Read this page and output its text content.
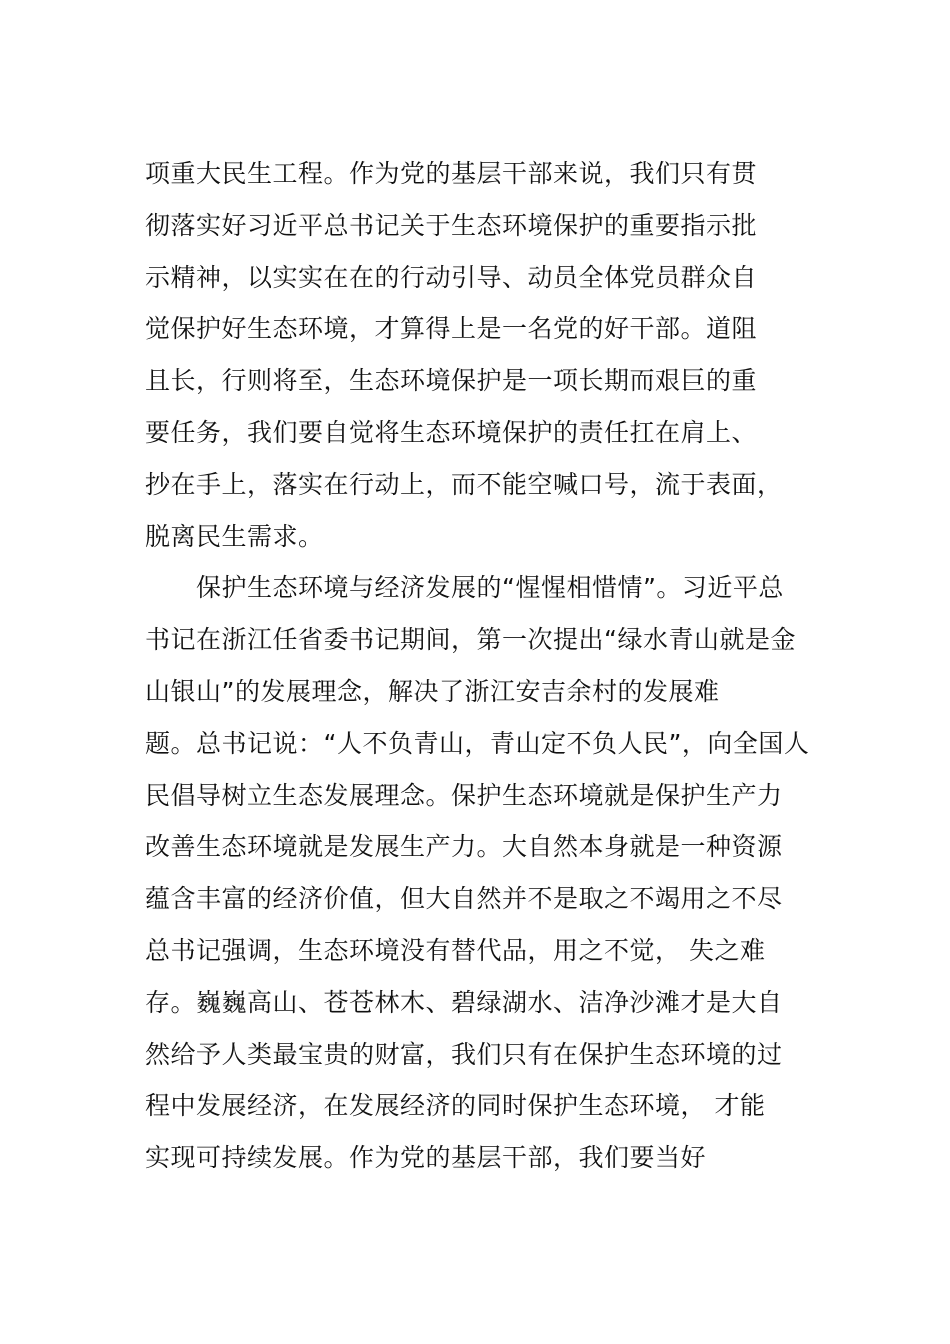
项重大民生工程。作为党的基层干部来说，我们只有贯
彻落实好习近平总书记关于生态环境保护的重要指示批
示精神，以实实在在的行动引导、动员全体党员群众自
觉保护好生态环境，才算得上是一名党的好干部。道阻
且长，行则将至，生态环境保护是一项长期而艰巨的重
要任务，我们要自觉将生态环境保护的责任扛在肩上、
抄在手上，落实在行动上，而不能空喊口号，流于表面，
脱离民生需求。
保护生态环境与经济发展的“惺惺相惜情”。习近平总
书记在浙江任省委书记期间，第一次提出“绿水青山就是金
山银山”的发展理念，解决了浙江安吉余村的发展难
题。总书记说：“人不负青山，青山定不负人民”，向全国人
民倡导树立生态发展理念。保护生态环境就是保护生产力
改善生态环境就是发展生产力。大自然本身就是一种资源
蕴含丰富的经济价值，但大自然并不是取之不竭用之不尽
总书记强调，生态环境没有替代品，用之不觉， 失之难
存。巍巍高山、苍苍林木、碧绿湖水、洁净沙滩才是大自
然给予人类最宝贵的财富，我们只有在保护生态环境的过
程中发展经济，在发展经济的同时保护生态环境， 才能
实现可持续发展。作为党的基层干部，我们要当好
